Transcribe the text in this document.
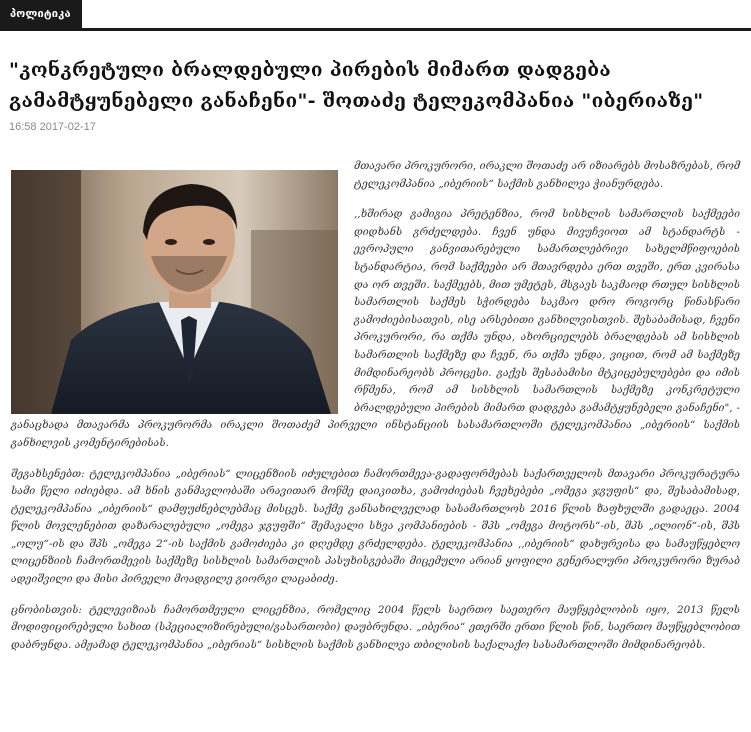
პოლიტიკა
"კონკრეტული ბრალდებული პირების მიმართ დადგება გამამტყუნებელი განაჩენი"- შოთაძე ტელეკომპანია "იბერიაზე"
16:58 2017-02-17

მთავარი პროკურორი, ირაკლი შოთაძე არ იზიარებს მოსაზრებას, რომ ტელეკომპანია „იბერიის“ საქმის განხილვა ჭიანურდება.

,,ხშირად გამიგია პრეტენზია, რომ სისხლის სამართლის საქმეები დიდხანს გრძელდება. ჩვენ უნდა მივუჩვიოთ ამ სტანდარტს - ევროპული განვითარებული სამართლებრივი სახელმწიფოების სტანდარტია, რომ საქმეები არ მთავრდება ერთ თვეში, ერთ კვირასა და ორ თვეში. საქმეებს, მით უმეტეს, მსგავს საკმაოდ რთულ სისხლის სამართლის საქმეს სჭირდება საკმაო დრო როგორც წინასწარი გამოძიებისათვის, ისე არსებითი განხილვისთვის. შესაბამისად, ჩვენი პროკურორი, რა თქმა უნდა, ახორციელებს ბრალდებას ამ სისხლის სამართლის საქმეზე და ჩვენ, რა თქმა უნდა, ვიცით, რომ ამ საქმეზე მიმდინარეობს პროცესი. გაქვს შესაბამისი მტკიცებულებები და იმის რწმენა, რომ ამ სისხლის სამართლის საქმეზე კონკრეტული ბრალდებული პირების მიმართ დადგება გამამტყუნებელი განაჩენი", - განაცხადა მთავარმა პროკურორმა ირაკლი შოთაძემ პირველი ინსტანციის სასამართლოში ტელეკომპანია „იბერიის“ საქმის განხილვის კომენტირებისას.

შეგახსენებთ: ტელეკომპანია „იბერიას“ ლიცენზიის იძულებით ჩამორთმევა-გადაფორმებას საქართველოს მთავარი პროკურატურა სამი წელი იძიებდა. ამ ხნის განმავლობაში არავითარ მოწმე დაიკითხა, გამოძიებას ჩვეხებები „ომეგა ჯგუფის“ და, შესაბამისად, ტელეკომპანია „იბერიის“ დამფუძნებლებმაც მისცეს. საქმე განსახილველად სასამართლოს 2016 წლის ზაფხულში გადაეცა. 2004 წლის მოვლენებით დაზარალებული „ომეგა ჯგუფში“ შემავალი სხვა კომპანიების - შპს „ომეგა მოტორს“-ის, შპს „ილიონ“-ის, შპს „ოლუ“-ის და შპს „ომეგა 2“-ის საქმის გამოძიება კი დღემდე გრძელდება. ტელეკომპანია ,,იბერიის“ დახურვისა და სამაუწყებლო ლიცენზიის ჩამორთმევის საქმეზე სისხლის სამართლის პასუხისგებაში მიცემული არიან ყოფილი გენერალური პროკურორი ზურაბ ადეიშვილი და მისი პირველი მოადგილე გიორგი ლაცაბიძე.

ცნობისთვის: ტელევიზიას ჩამორთმეული ლიცენზია, რომელიც 2004 წელს საერთო საეთერო მაუწყებლობის იყო, 2013 წელს მოდიფიცირებული სახით (სპეციალიზირებული/გასართობი) დაუბრუნდა. „იბერია“ ეთერში ერთი წლის წინ, საერთო მაუწყებლობით დაბრუნდა. ამჟამად ტელეკომპანია „იბერიას“ სისხლის საქმის განხილვა თბილისის საქალაქო სასამართლოში მიმდინარეობს.
